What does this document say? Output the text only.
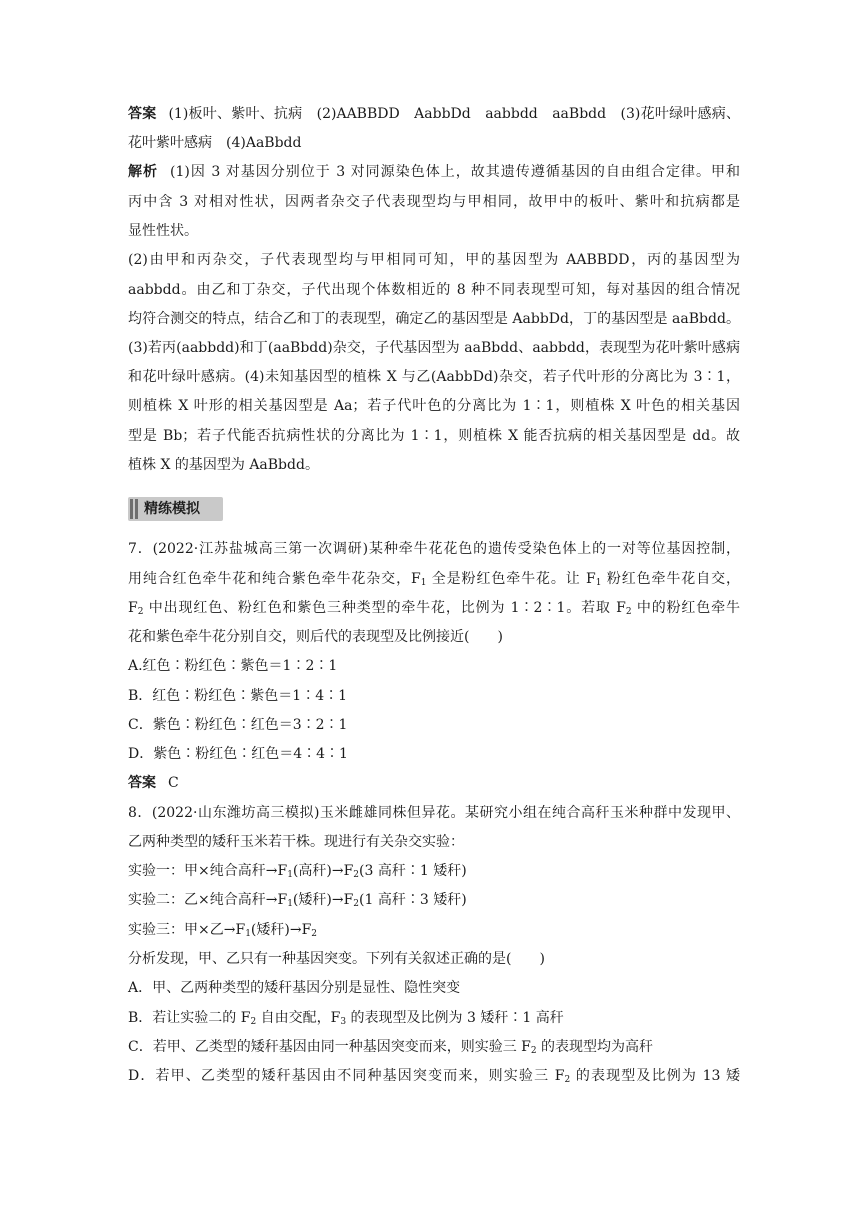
答案 (1)板叶、紫叶、抗病　(2)AABBDD　AabbDd　aabbdd　aaBbdd　(3)花叶绿叶感病、
花叶紫叶感病　(4)AaBbdd
解析 (1)因 3 对基因分别位于 3 对同源染色体上，故其遗传遵循基因的自由组合定律。甲和
丙中含 3 对相对性状，因两者杂交子代表现型均与甲相同，故甲中的板叶、紫叶和抗病都是
显性性状。
(2)由甲和丙杂交，子代表现型均与甲相同可知，甲的基因型为 AABBDD，丙的基因型为
aabbdd。由乙和丁杂交，子代出现个体数相近的 8 种不同表现型可知，每对基因的组合情况
均符合测交的特点，结合乙和丁的表现型，确定乙的基因型是 AabbDd，丁的基因型是 aaBbdd。
(3)若丙(aabbdd)和丁(aaBbdd)杂交，子代基因型为 aaBbdd、aabbdd，表现型为花叶紫叶感病
和花叶绿叶感病。(4)未知基因型的植株 X 与乙(AabbDd)杂交，若子代叶形的分离比为 3∶1，
则植株 X 叶形的相关基因型是 Aa；若子代叶色的分离比为 1∶1，则植株 X 叶色的相关基因
型是 Bb；若子代能否抗病性状的分离比为 1∶1，则植株 X 能否抗病的相关基因型是 dd。故
植株 X 的基因型为 AaBbdd。
精练模拟
7．(2022·江苏盐城高三第一次调研)某种牵牛花花色的遗传受染色体上的一对等位基因控制，
用纯合红色牵牛花和纯合紫色牵牛花杂交，$F_1$ 全是粉红色牵牛花。让 $F_1$ 粉红色牵牛花自交，
$F_2$ 中出现红色、粉红色和紫色三种类型的牵牛花，比例为 1∶2∶1。若取 $F_2$ 中的粉红色牵牛
花和紫色牵牛花分别自交，则后代的表现型及比例接近(　　)
A.红色∶粉红色∶紫色＝1∶2∶1
B．红色∶粉红色∶紫色＝1∶4∶1
C．紫色∶粉红色∶红色＝3∶2∶1
D．紫色∶粉红色∶红色＝4∶4∶1
答案 C
8．(2022·山东潍坊高三模拟)玉米雌雄同株但异花。某研究小组在纯合高秆玉米种群中发现甲、
乙两种类型的矮秆玉米若干株。现进行有关杂交实验：
实验一：甲×纯合高秆$\to F_1$(高秆)$\to F_2(3$ 高秆∶1 矮秆)
实验二：乙×纯合高秆$\to F_1$(矮秆)$\to F_2(1$ 高秆∶3 矮秆)
实验三：甲×乙$\to F_1$(矮秆)$\to F_2$
分析发现，甲、乙只有一种基因突变。下列有关叙述正确的是(　　)
A．甲、乙两种类型的矮秆基因分别是显性、隐性突变
B．若让实验二的 $F_2$ 自由交配，$F_3$ 的表现型及比例为 3 矮秆∶1 高秆
C．若甲、乙类型的矮秆基因由同一种基因突变而来，则实验三 $F_2$ 的表现型均为高秆
D．若甲、乙类型的矮秆基因由不同种基因突变而来，则实验三 $F_2$ 的表现型及比例为 13 矮
